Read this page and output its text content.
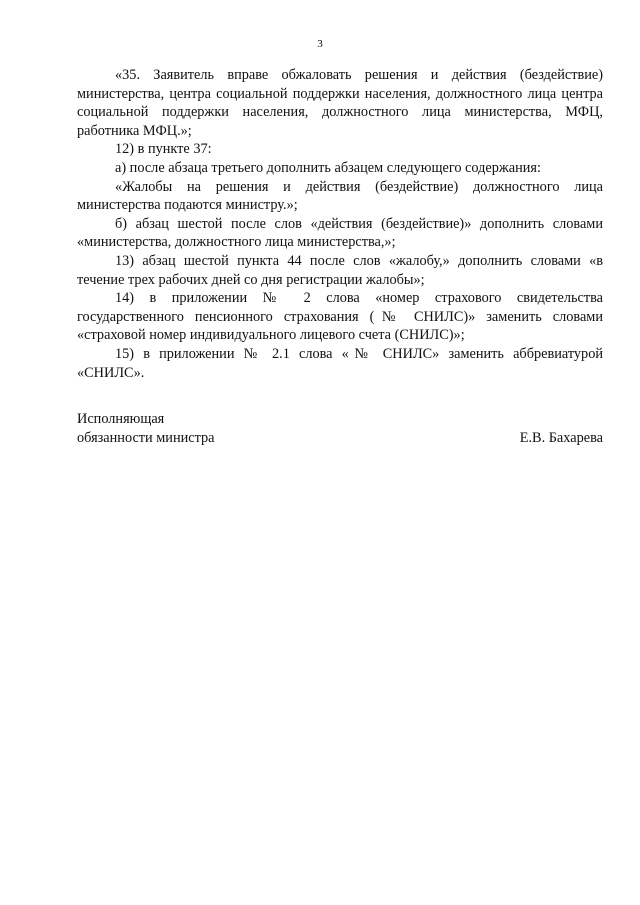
3

«35. Заявитель вправе обжаловать решения и действия (бездействие) министерства, центра социальной поддержки населения, должностного лица центра социальной поддержки населения, должностного лица министерства, МФЦ, работника МФЦ.»;

12) в пункте 37:

а) после абзаца третьего дополнить абзацем следующего содержания:

«Жалобы на решения и действия (бездействие) должностного лица министерства подаются министру.»;

б) абзац шестой после слов «действия (бездействие)» дополнить словами «министерства, должностного лица министерства,»;

13) абзац шестой пункта 44 после слов «жалобу,» дополнить словами «в течение трех рабочих дней со дня регистрации жалобы»;

14) в приложении № 2 слова «номер страхового свидетельства государственного пенсионного страхования (№ СНИЛС)» заменить словами «страховой номер индивидуального лицевого счета (СНИЛС)»;

15) в приложении № 2.1 слова «№ СНИЛС» заменить аббревиатурой «СНИЛС».

Исполняющая
обязанности министра	Е.В. Бахарева
